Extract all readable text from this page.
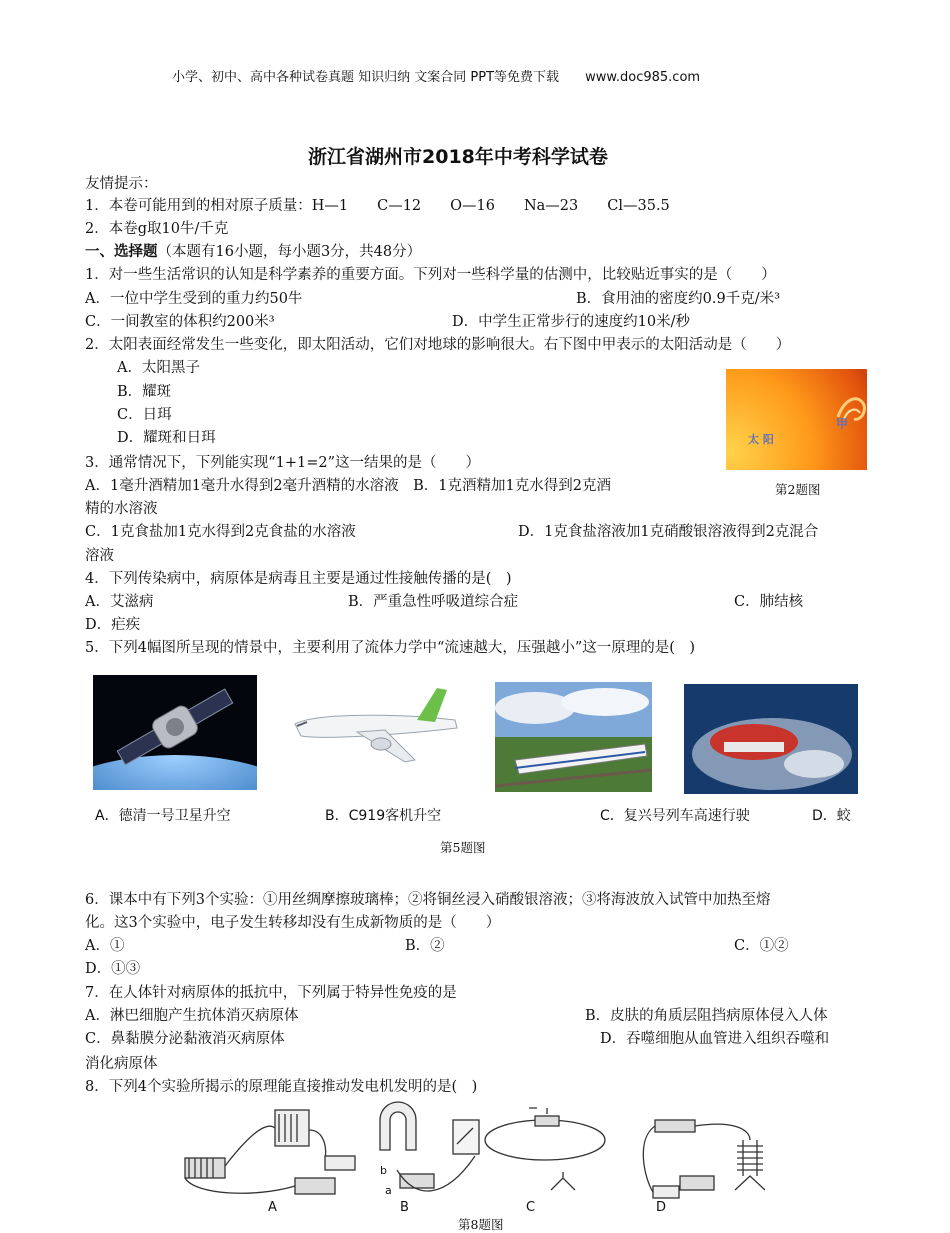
小学、初中、高中各种试卷真题 知识归纳 文案合同 PPT等免费下载 www.doc985.com
浙江省湖州市2018年中考科学试卷
友情提示：
1．本卷可能用到的相对原子质量：H—1　　C—12　　O—16　　Na—23　　Cl—35.5
2．本卷g取10牛/千克
一、选择题（本题有16小题，每小题3分，共48分）
1．对一些生活常识的认知是科学素养的重要方面。下列对一些科学量的估测中，比较贴近事实的是（　　）
A．一位中学生受到的重力约50牛	B．食用油的密度约0.9千克/米³
C．一间教室的体积约200米³	D．中学生正常步行的速度约10米/秒
2．太阳表面经常发生一些变化，即太阳活动，它们对地球的影响很大。右下图中甲表示的太阳活动是（　　）
A．太阳黑子
B．耀斑
C．日珥
D．耀斑和日珥	太 阳
甲
第2题图
3．通常情况下，下列能实现“1+1=2”这一结果的是（　　）
A．1毫升酒精加1毫升水得到2毫升酒精的水溶液　B．1克酒精加1克水得到2克酒
精的水溶液
C．1克食盐加1克水得到2克食盐的水溶液	D．1克食盐溶液加1克硝酸银溶液得到2克混合
溶液
4．下列传染病中，病原体是病毒且主要是通过性接触传播的是(　)
A．艾滋病	B．严重急性呼吸道综合症	C．肺结核
D．疟疾
5．下列4幅图所呈现的情景中，主要利用了流体力学中“流速越大，压强越小”这一原理的是(　)
A．德清一号卫星升空	B．C919客机升空	C．复兴号列车高速行驶	D．蛟
第5题图
6．课本中有下列3个实验：①用丝绸摩擦玻璃棒；②将铜丝浸入硝酸银溶液；③将海波放入试管中加热至熔
化。这3个实验中，电子发生转移却没有生成新物质的是（　　）
A．①	B．②	C．①②
D．①③
7．在人体针对病原体的抵抗中，下列属于特异性免疫的是
A．淋巴细胞产生抗体消灭病原体	B．皮肤的角质层阻挡病原体侵入人体
C．鼻黏膜分泌黏液消灭病原体	D．吞噬细胞从血管进入组织吞噬和
消化病原体
8．下列4个实验所揭示的原理能直接推动发电机发明的是(　)
b
a
A	B	C	D
第8题图
